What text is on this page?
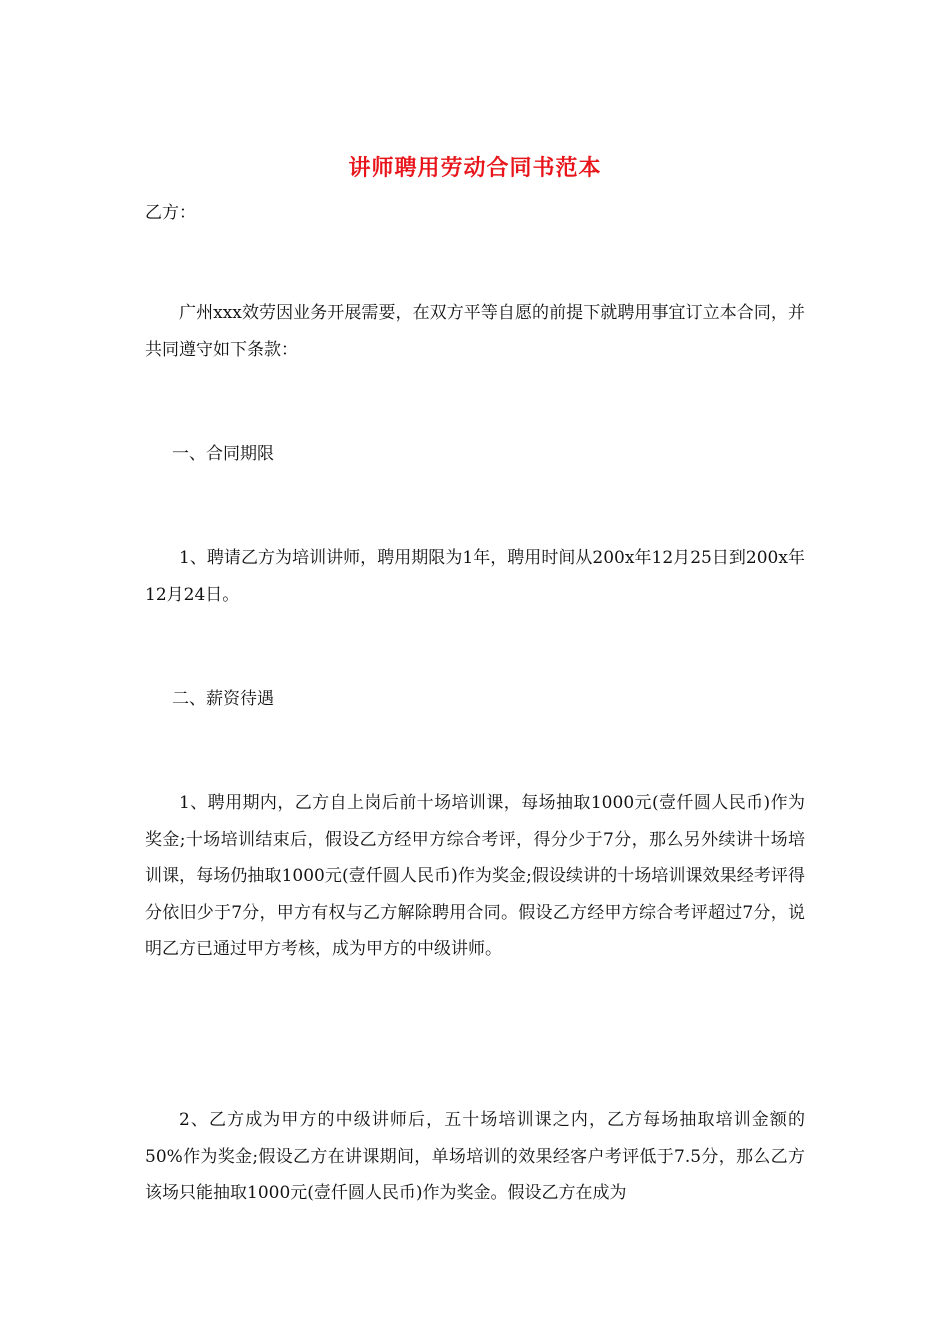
讲师聘用劳动合同书范本
乙方：

广州xxx效劳因业务开展需要，在双方平等自愿的前提下就聘用事宜订立本合同，并共同遵守如下条款：

一、合同期限

1、聘请乙方为培训讲师，聘用期限为1年，聘用时间从200x年12月25日到200x年12月24日。

二、薪资待遇

1、聘用期内，乙方自上岗后前十场培训课，每场抽取1000元(壹仟圆人民币)作为奖金;十场培训结束后，假设乙方经甲方综合考评，得分少于7分，那么另外续讲十场培训课，每场仍抽取1000元(壹仟圆人民币)作为奖金;假设续讲的十场培训课效果经考评得分依旧少于7分，甲方有权与乙方解除聘用合同。假设乙方经甲方综合考评超过7分，说明乙方已通过甲方考核，成为甲方的中级讲师。

2、乙方成为甲方的中级讲师后，五十场培训课之内，乙方每场抽取培训金额的50%作为奖金;假设乙方在讲课期间，单场培训的效果经客户考评低于7.5分，那么乙方该场只能抽取1000元(壹仟圆人民币)作为奖金。假设乙方在成为
